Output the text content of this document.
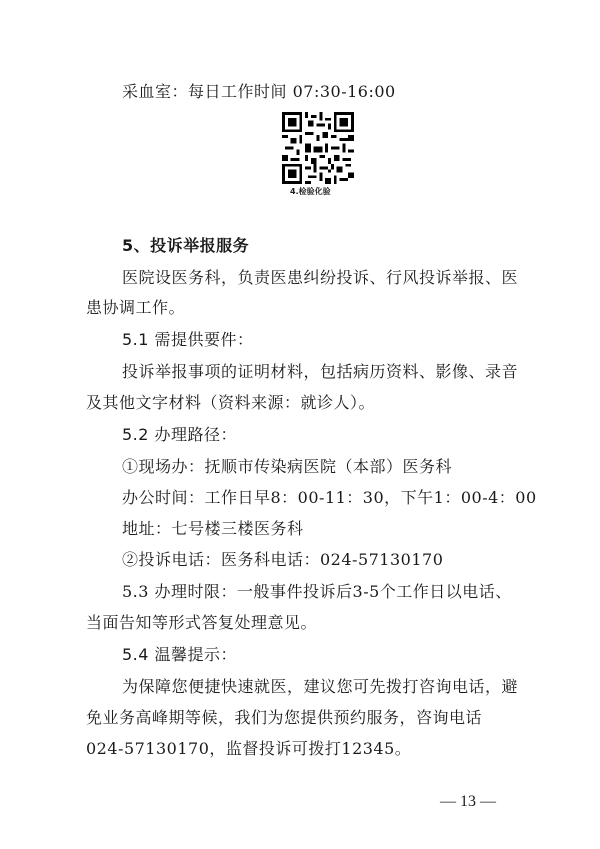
采血室：每日工作时间 07:30-16:00
4.检验化验
5、投诉举报服务
医院设医务科，负责医患纠纷投诉、行风投诉举报、医
患协调工作。
5.1 需提供要件：
投诉举报事项的证明材料，包括病历资料、影像、录音
及其他文字材料（资料来源：就诊人）。
5.2 办理路径：
①现场办：抚顺市传染病医院（本部）医务科
办公时间：工作日早8：00-11：30，下午1：00-4：00
地址：七号楼三楼医务科
②投诉电话：医务科电话：024-57130170
5.3 办理时限：一般事件投诉后3-5个工作日以电话、
当面告知等形式答复处理意见。
5.4 温馨提示：
为保障您便捷快速就医，建议您可先拨打咨询电话，避
免业务高峰期等候，我们为您提供预约服务，咨询电话
024-57130170，监督投诉可拨打12345。
— 13 —
